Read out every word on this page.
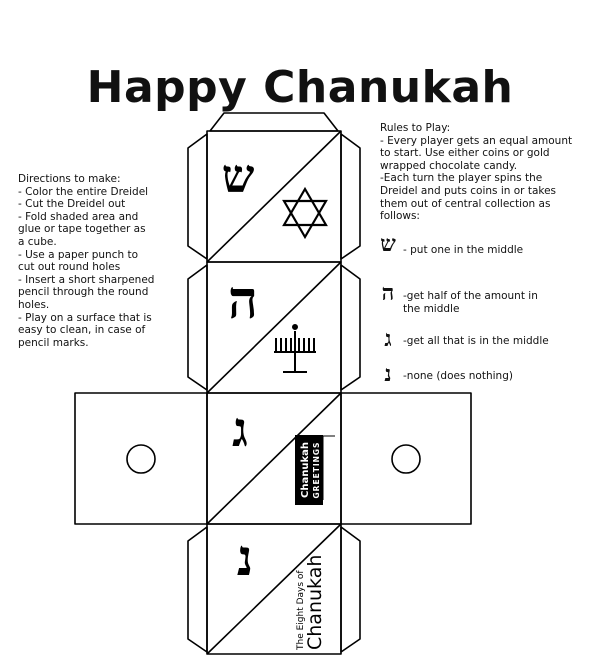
Happy Chanukah
Directions to make:
- Color the entire Dreidel
- Cut the Dreidel out
- Fold shaded area and
glue or tape together as
a cube.
- Use a paper punch to
cut out round holes
- Insert a short sharpened
pencil through the round
holes.
- Play on a surface that is
easy to clean, in case of
pencil marks.
Rules to Play:
- Every player gets an equal amount
to start. Use either coins or gold
wrapped chocolate candy.
-Each turn the player spins the
Dreidel and puts coins in or takes
them out of central collection as
follows:
ש - put one in the middle
ה -get half of the amount in
the middle
ג	-get all that is in the middle
נ	-none (does nothing)
ש
ה
ג
Chanukah GREETINGS
נ
The Eight Days of
Chanukah
